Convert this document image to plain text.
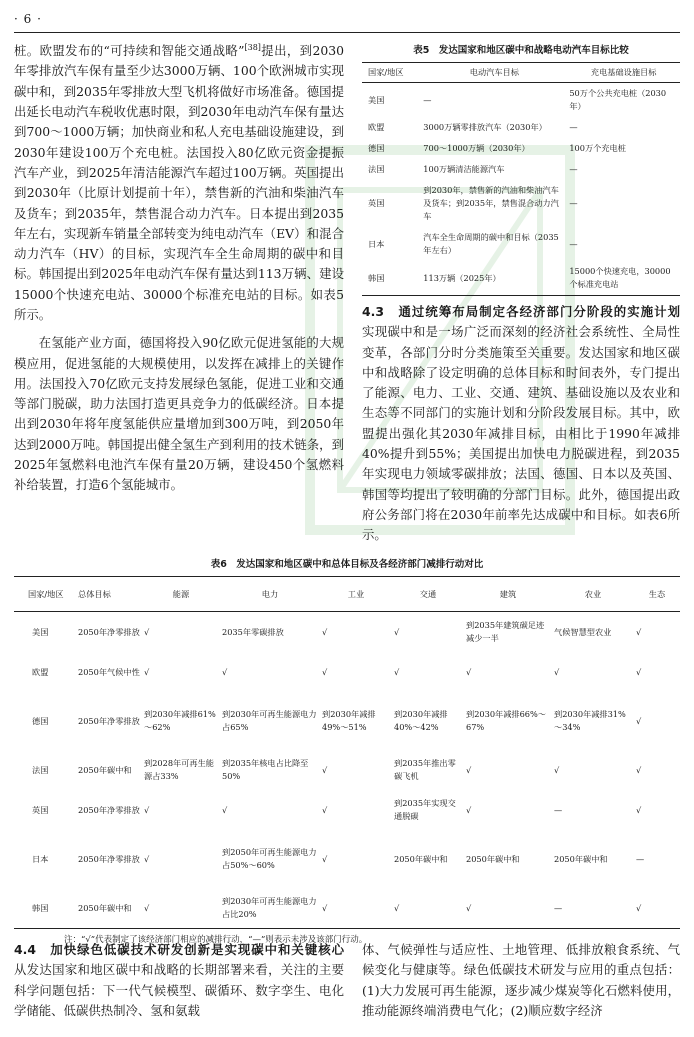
· 6 ·

桩。欧盟发布的“可持续和智能交通战略”[38]提出，到2030年零排放汽车保有量至少达3000万辆、100个欧洲城市实现碳中和，到2035年零排放大型飞机将做好市场准备。德国提出延长电动汽车税收优惠时限，到2030年电动汽车保有量达到700～1000万辆；加快商业和私人充电基础设施建设，到2030年建设100万个充电桩。法国投入80亿欧元资金提振汽车产业，到2025年清洁能源汽车超过100万辆。英国提出到2030年（比原计划提前十年），禁售新的汽油和柴油汽车及货车；到2035年，禁售混合动力汽车。日本提出到2035年左右，实现新车销量全部转变为纯电动汽车（EV）和混合动力汽车（HV）的目标，实现汽车全生命周期的碳中和目标。韩国提出到2025年电动汽车保有量达到113万辆、建设15000个快速充电站、30000个标准充电站的目标。如表5所示。

在氢能产业方面，德国将投入90亿欧元促进氢能的大规模应用，促进氢能的大规模使用，以发挥在减排上的关键作用。法国投入70亿欧元支持发展绿色氢能，促进工业和交通等部门脱碳，助力法国打造更具竞争力的低碳经济。日本提出到2030年将年度氢能供应量增加到300万吨，到2050年达到2000万吨。韩国提出健全氢生产到利用的技术链条，到2025年氢燃料电池汽车保有量20万辆，建设450个氢燃料补给装置，打造6个氢能城市。

表5　发达国家和地区碳中和战略电动汽车目标比较
国家/地区	电动汽车目标	充电基础设施目标
美国	—	50万个公共充电桩（2030年）
欧盟	3000万辆零排放汽车（2030年）	—
德国	700～1000万辆（2030年）	100万个充电桩
法国	100万辆清洁能源汽车	—
英国	到2030年，禁售新的汽油和柴油汽车及货车；到2035年，禁售混合动力汽车	—
日本	汽车全生命周期的碳中和目标（2035年左右）	—
韩国	113万辆（2025年）	15000个快速充电，30000个标准充电站

4.3　通过统筹布局制定各经济部门分阶段的实施计划　实现碳中和是一场广泛而深刻的经济社会系统性、全局性变革，各部门分时分类施策至关重要。发达国家和地区碳中和战略除了设定明确的总体目标和时间表外，专门提出了能源、电力、工业、交通、建筑、基础设施以及农业和生态等不同部门的实施计划和分阶段发展目标。其中，欧盟提出强化其2030年减排目标，由相比于1990年减排40%提升到55%；美国提出加快电力脱碳进程，到2035年实现电力领域零碳排放；法国、德国、日本以及英国、韩国等均提出了较明确的分部门目标。此外，德国提出政府公务部门将在2030年前率先达成碳中和目标。如表6所示。

表6　发达国家和地区碳中和总体目标及各经济部门减排行动对比
国家/地区	总体目标	能源	电力	工业	交通	建筑	农业	生态
美国	2050年净零排放	√	2035年零碳排放	√	√	到2035年建筑碳足迹减少一半	气候智慧型农业	√
欧盟	2050年气候中性	√	√	√	√	√	√	√
德国	2050年净零排放	到2030年减排61%～62%	到2030年可再生能源电力占65%	到2030年减排49%～51%	到2030年减排40%～42%	到2030年减排66%～67%	到2030年减排31%～34%	√
法国	2050年碳中和	到2028年可再生能源占33%	到2035年核电占比降至50%	√	到2035年推出零碳飞机	√	√	√
英国	2050年净零排放	√	√	√	到2035年实现交通脱碳	√	—	√
日本	2050年净零排放	√	到2050年可再生能源电力占50%～60%	√	2050年碳中和	2050年碳中和	2050年碳中和	—
韩国	2050年碳中和	√	到2030年可再生能源电力占比20%	√	√	√	—	√
注：“√”代表制定了该经济部门相应的减排行动，“—”则表示未涉及该部门行动。

4.4　加快绿色低碳技术研发创新是实现碳中和关键核心　从发达国家和地区碳中和战略的长期部署来看，关注的主要科学问题包括：下一代气候模型、碳循环、数字孪生、电化学储能、低碳供热制冷、氢和氨载

体、气候弹性与适应性、土地管理、低排放粮食系统、气候变化与健康等。绿色低碳技术研发与应用的重点包括：(1)大力发展可再生能源，逐步减少煤炭等化石燃料使用，推动能源终端消费电气化；(2)顺应数字经济
